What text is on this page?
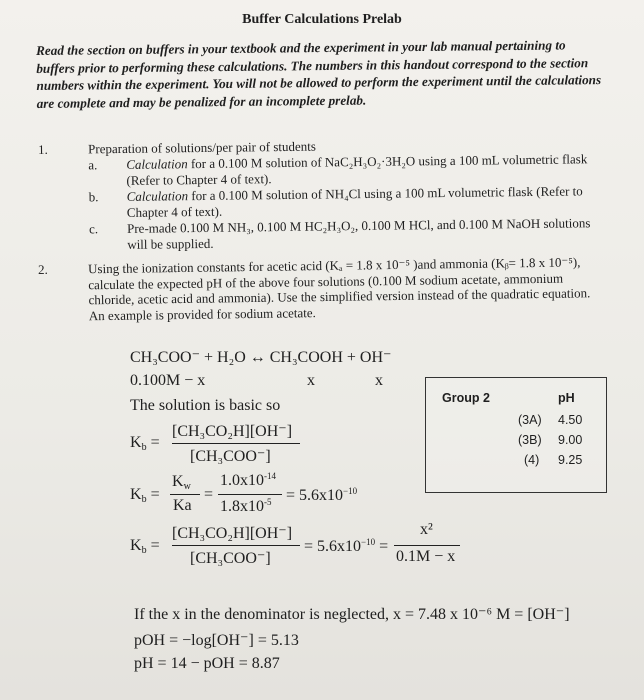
Buffer Calculations Prelab
Read the section on buffers in your textbook and the experiment in your lab manual pertaining to buffers prior to performing these calculations. The numbers in this handout correspond to the section numbers within the experiment. You will not be allowed to perform the experiment until the calculations are complete and may be penalized for an incomplete prelab.
1.	Preparation of solutions/per pair of students
a. Calculation for a 0.100 M solution of NaC₂H₃O₂·3H₂O using a 100 mL volumetric flask (Refer to Chapter 4 of text).
b. Calculation for a 0.100 M solution of NH₄Cl using a 100 mL volumetric flask (Refer to Chapter 4 of text).
c. Pre-made 0.100 M NH₃, 0.100 M HC₂H₃O₂, 0.100 M HCl, and 0.100 M NaOH solutions will be supplied.
2.	Using the ionization constants for acetic acid (Kₐ = 1.8 x 10⁻⁵ )and ammonia (Kᵦ= 1.8 x 10⁻⁵), calculate the expected pH of the above four solutions (0.100 M sodium acetate, ammonium chloride, acetic acid and ammonia). Use the simplified version instead of the quadratic equation. An example is provided for sodium acetate.
CH₃COO⁻ + H₂O ↔ CH₃COOH + OH⁻
0.100M − x	x	x
The solution is basic so
$K_b$ =
[CH₃CO₂H][OH⁻]
[CH₃COO⁻]
$K_b$ =
$K_w$
Ka
=
$1.0x10^{-14}$
$1.8x10^{-5} = 5.6x10^{-10}$
$K_b$ =
[CH₃CO₂H][OH⁻]
[CH₃COO⁻]
= $5.6x10^{-10}$ =
x²
0.1M − x
If the x in the denominator is neglected, x = 7.48 x 10⁻⁶ M = [OH⁻]
pOH = −log[OH⁻] = 5.13
pH = 14 − pOH = 8.87
Group 2	pH
(3A) 4.50
(3B) 9.00
(4) 9.25
